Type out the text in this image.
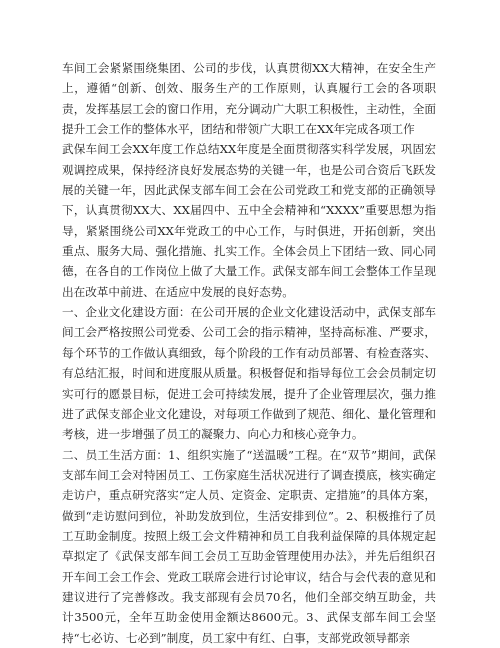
车间工会紧紧围绕集团、公司的步伐，认真贯彻XX大精神，在安全生产上，遵循“创新、创效、服务生产的工作原则，认真履行工会的各项职责，发挥基层工会的窗口作用，充分调动广大职工积极性，主动性，全面提升工会工作的整体水平，团结和带领广大职工在XX年完成各项工作

武保车间工会XX年度工作总结XX年度是全面贯彻落实科学发展，巩固宏观调控成果，保持经济良好发展态势的关键一年，也是公司合资后飞跃发展的关键一年，因此武保支部车间工会在公司党政工和党支部的正确领导下，认真贯彻XX大、XX届四中、五中全会精神和“XXXX”重要思想为指导，紧紧围绕公司XX年党政工的中心工作，与时俱进，开拓创新，突出重点、服务大局、强化措施、扎实工作。全体会员上下团结一致、同心同德，在各自的工作岗位上做了大量工作。武保支部车间工会整体工作呈现出在改革中前进、在适应中发展的良好态势。

一、企业文化建设方面：在公司开展的企业文化建设活动中，武保支部车间工会严格按照公司党委、公司工会的指示精神，坚持高标准、严要求，每个环节的工作做认真细致，每个阶段的工作有动员部署、有检查落实、有总结汇报，时间和进度服从质量。积极督促和指导每位工会会员制定切实可行的愿景目标，促进工会可持续发展，提升了企业管理层次，强力推进了武保支部企业文化建设，对每项工作做到了规范、细化、量化管理和考核，进一步增强了员工的凝聚力、向心力和核心竞争力。

二、员工生活方面：1、组织实施了“送温暖”工程。在“双节”期间，武保支部车间工会对特困员工、工伤家庭生活状况进行了调查摸底，核实确定走访户，重点研究落实“定人员、定资金、定职责、定措施”的具体方案，做到“走访慰问到位，补助发放到位，生活安排到位”。2、积极推行了员工互助金制度。按照上级工会文件精神和员工自我利益保障的具体规定起草拟定了《武保支部车间工会员工互助金管理使用办法》，并先后组织召开车间工会工作会、党政工联席会进行讨论审议，结合与会代表的意见和建议进行了完善修改。我支部现有会员70名，他们全部交纳互助金，共计3500元，全年互助金使用金额达8600元。3、武保支部车间工会坚持“七必访、七必到”制度，员工家中有红、白事，支部党政领导都亲
